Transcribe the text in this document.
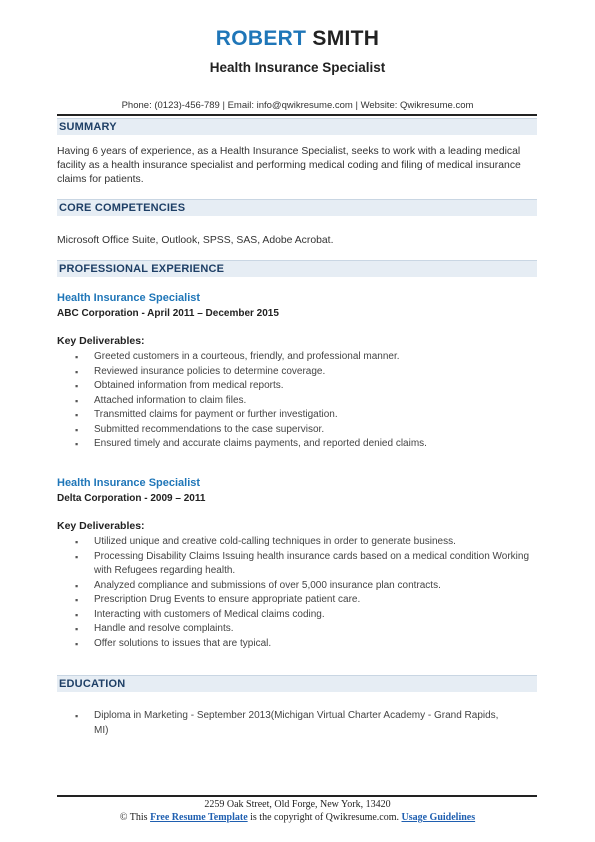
ROBERT SMITH
Health Insurance Specialist
Phone: (0123)-456-789 | Email: info@qwikresume.com | Website: Qwikresume.com
SUMMARY
Having 6 years of experience, as a Health Insurance Specialist, seeks to work with a leading medical facility as a health insurance specialist and performing medical coding and filing of medical insurance claims for patients.
CORE COMPETENCIES
Microsoft Office Suite, Outlook, SPSS, SAS, Adobe Acrobat.
PROFESSIONAL EXPERIENCE
Health Insurance Specialist
ABC Corporation - April 2011 – December 2015
Key Deliverables:
▪ Greeted customers in a courteous, friendly, and professional manner.
▪ Reviewed insurance policies to determine coverage.
▪ Obtained information from medical reports.
▪ Attached information to claim files.
▪ Transmitted claims for payment or further investigation.
▪ Submitted recommendations to the case supervisor.
▪ Ensured timely and accurate claims payments, and reported denied claims.
Health Insurance Specialist
Delta Corporation - 2009 – 2011
Key Deliverables:
▪ Utilized unique and creative cold-calling techniques in order to generate business.
▪ Processing Disability Claims Issuing health insurance cards based on a medical condition Working with Refugees regarding health.
▪ Analyzed compliance and submissions of over 5,000 insurance plan contracts.
▪ Prescription Drug Events to ensure appropriate patient care.
▪ Interacting with customers of Medical claims coding.
▪ Handle and resolve complaints.
▪ Offer solutions to issues that are typical.
EDUCATION
▪ Diploma in Marketing - September 2013(Michigan Virtual Charter Academy - Grand Rapids, MI)
2259 Oak Street, Old Forge, New York, 13420
© This Free Resume Template is the copyright of Qwikresume.com. Usage Guidelines
